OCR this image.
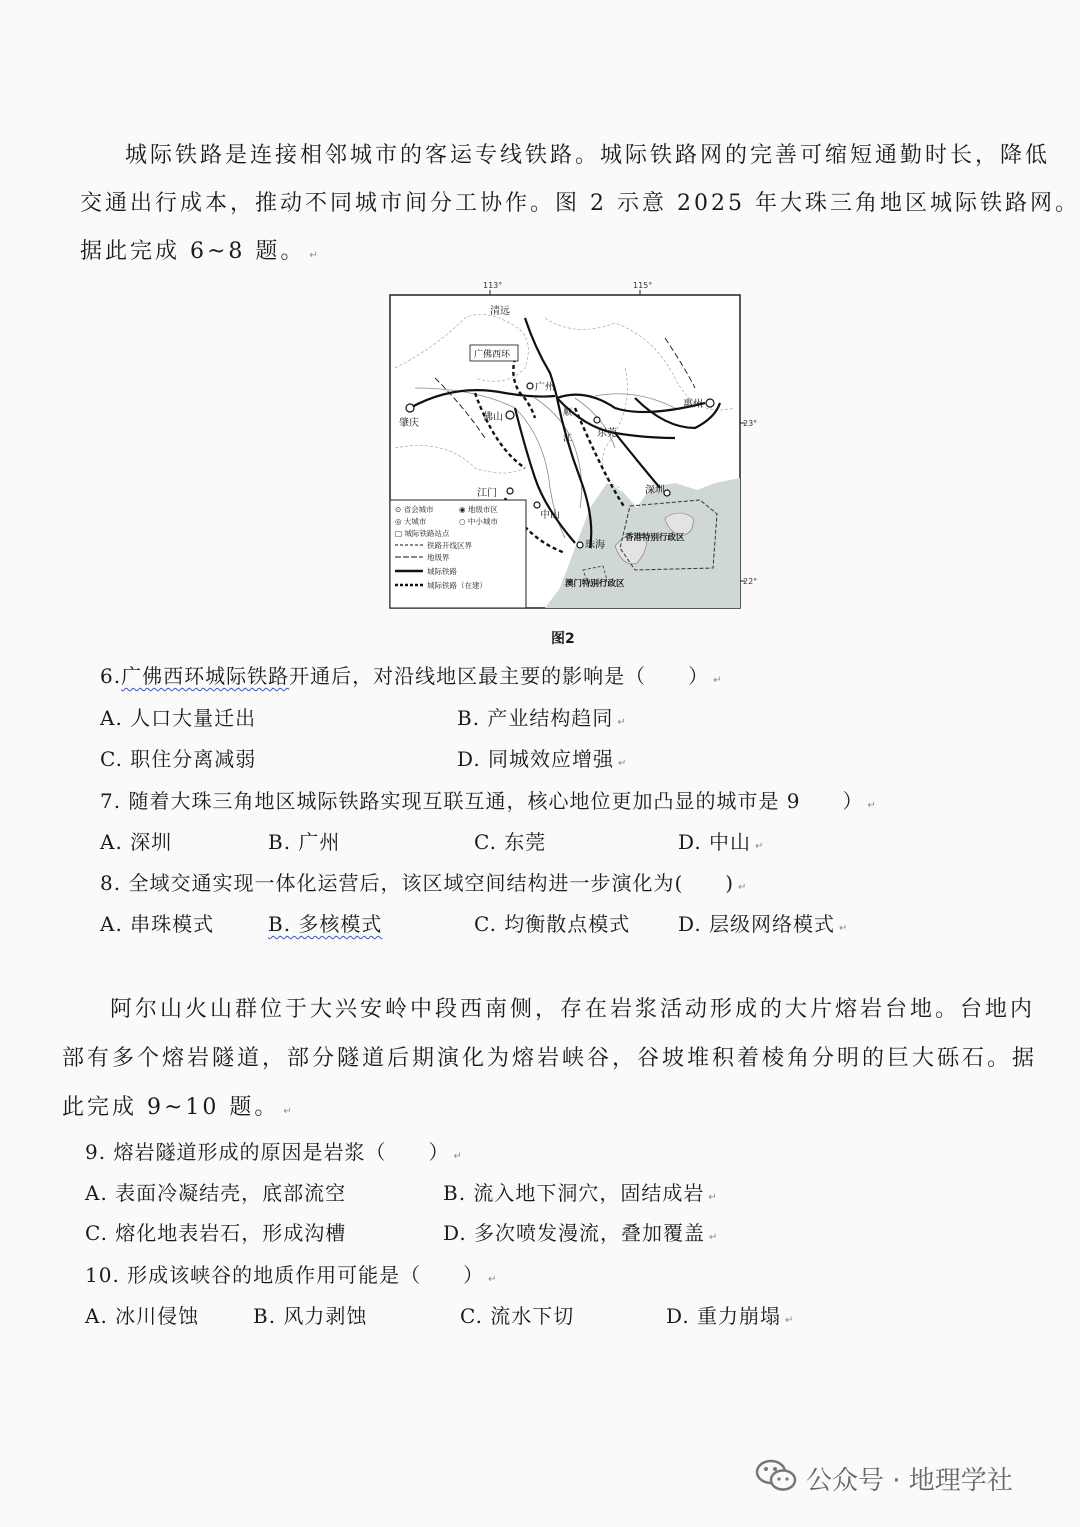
城际铁路是连接相邻城市的客运专线铁路。城际铁路网的完善可缩短通勤时长，降低
交通出行成本，推动不同城市间分工协作。图 2 示意 2025 年大珠三角地区城际铁路网。
据此完成 6~8 题。 ↵
113°	115°
23°
22°
广佛西环
顺
江
清远
广州
佛山
肇庆
惠州
东莞
江门	深圳
中山
珠海
香港特别行政区
澳门特别行政区
⊙ 省会城市	◉ 地级市区
◎ 大城市	○ 中小城市
□ 城际铁路站点
铁路开线区界
地级界
城际铁路
城际铁路（在建）
图2
6.广佛西环城际铁路开通后，对沿线地区最主要的影响是（　　） ↵
A. 人口大量迁出	B. 产业结构趋同 ↵
C. 职住分离减弱	D. 同城效应增强 ↵
7. 随着大珠三角地区城际铁路实现互联互通，核心地位更加凸显的城市是 9　　） ↵
A. 深圳	B. 广州	C. 东莞	D. 中山 ↵
8. 全域交通实现一体化运营后，该区域空间结构进一步演化为(　　) ↵
A. 串珠模式	B. 多核模式	C. 均衡散点模式 D. 层级网络模式 ↵
阿尔山火山群位于大兴安岭中段西南侧，存在岩浆活动形成的大片熔岩台地。台地内
部有多个熔岩隧道，部分隧道后期演化为熔岩峡谷，谷坡堆积着棱角分明的巨大砾石。据
此完成 9~10 题。 ↵
9. 熔岩隧道形成的原因是岩浆（　　） ↵
A. 表面冷凝结壳，底部流空	B. 流入地下洞穴，固结成岩 ↵
C. 熔化地表岩石，形成沟槽	D. 多次喷发漫流，叠加覆盖 ↵
10. 形成该峡谷的地质作用可能是（　　） ↵
A. 冰川侵蚀	B. 风力剥蚀	C. 流水下切	D. 重力崩塌 ↵
公众号 · 地理学社
